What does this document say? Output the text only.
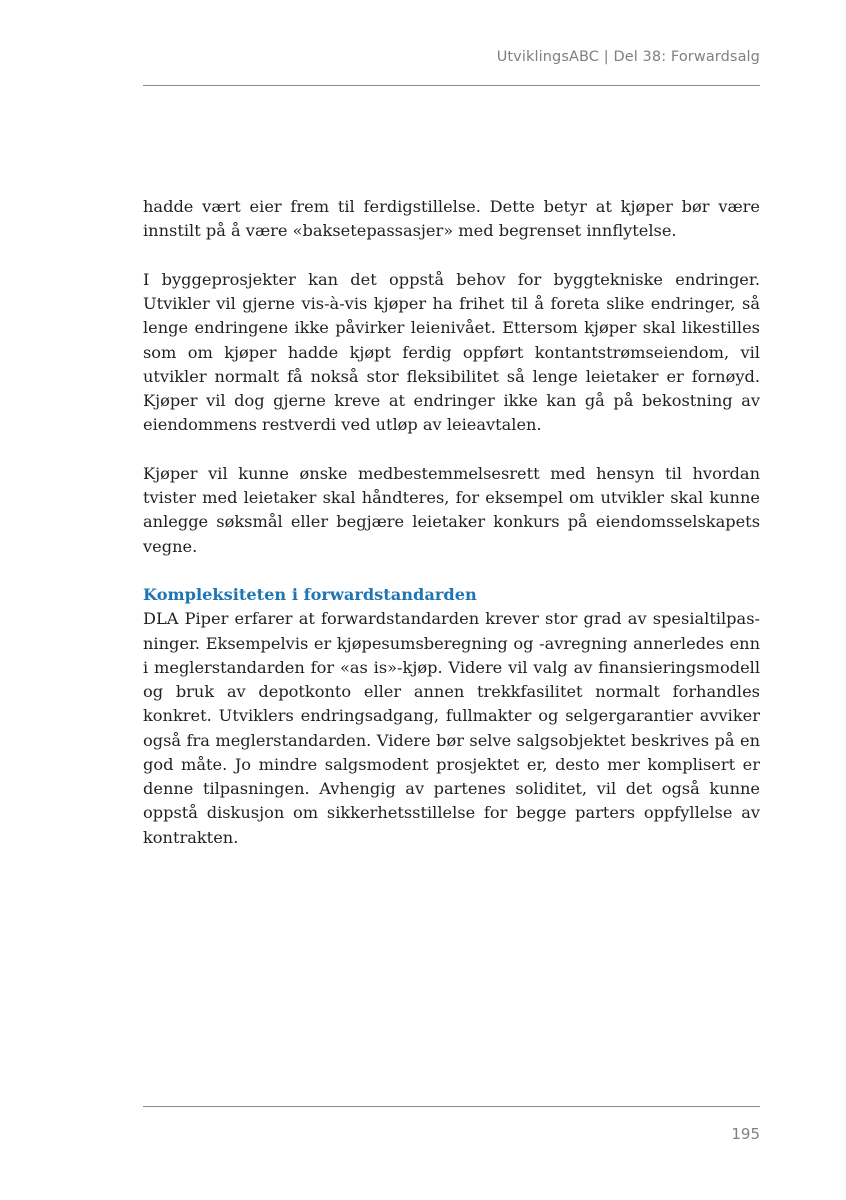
UtviklingsABC | Del 38: Forwardsalg

hadde vært eier frem til ferdigstillelse. Dette betyr at kjøper bør være innstilt på å være «baksetepassasjer» med begrenset innflytelse.

I byggeprosjekter kan det oppstå behov for byggtekniske endringer. Utvikler vil gjerne vis-à-vis kjøper ha frihet til å foreta slike endringer, så lenge endringene ikke påvirker leienivået. Ettersom kjøper skal likestilles som om kjøper hadde kjøpt ferdig oppført kontantstrømseiendom, vil utvikler normalt få nokså stor fleksibilitet så lenge leietaker er fornøyd. Kjøper vil dog gjerne kreve at endringer ikke kan gå på bekostning av eiendommens restverdi ved utløp av leieavtalen.

Kjøper vil kunne ønske medbestemmelsesrett med hensyn til hvordan tvister med leietaker skal håndteres, for eksempel om utvikler skal kunne anlegge søksmål eller begjære leietaker konkurs på eiendomsselskapets vegne.

Kompleksiteten i forwardstandarden

DLA Piper erfarer at forwardstandarden krever stor grad av spesialtilpasninger. Eksempelvis er kjøpesumsberegning og -avregning annerledes enn i meglerstandarden for «as is»-kjøp. Videre vil valg av finansieringsmodell og bruk av depotkonto eller annen trekkfasilitet normalt forhandles konkret. Utviklers endringsadgang, fullmakter og selgergarantier avviker også fra meglerstandarden. Videre bør selve salgsobjektet beskrives på en god måte. Jo mindre salgsmodent prosjektet er, desto mer komplisert er denne tilpasningen. Avhengig av partenes soliditet, vil det også kunne oppstå diskusjon om sikkerhetsstillelse for begge parters oppfyllelse av kontrakten.

195
